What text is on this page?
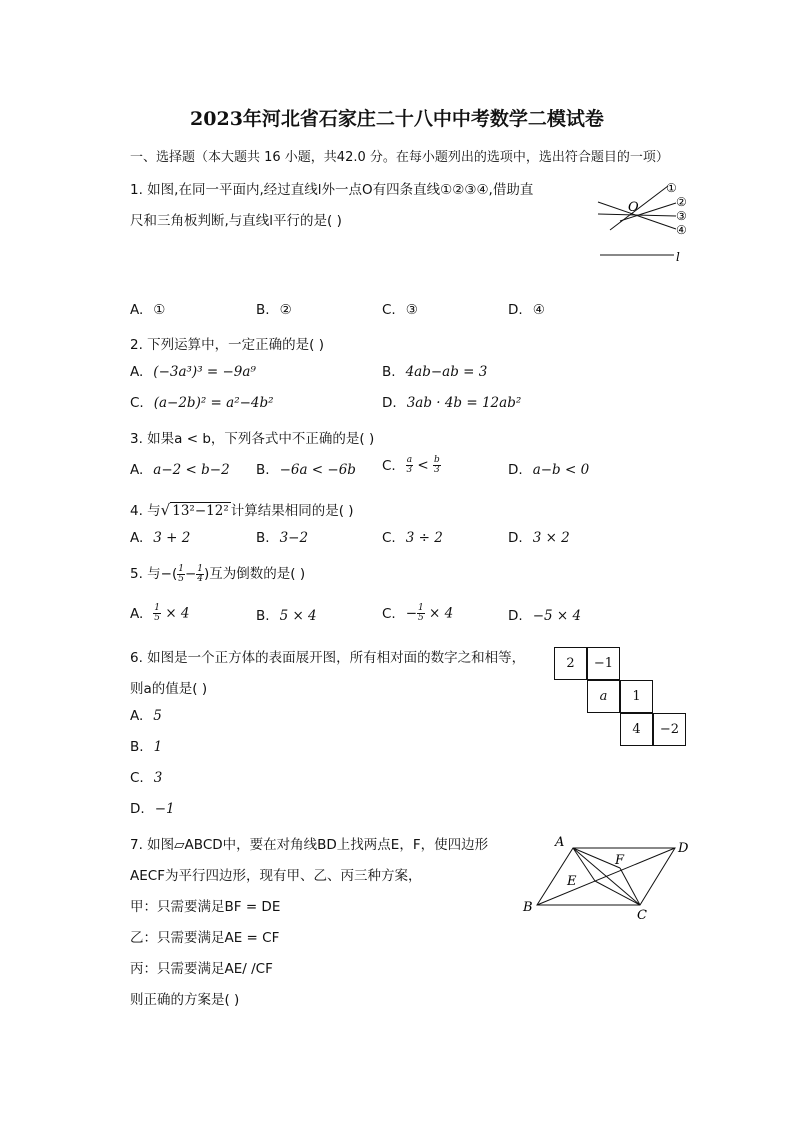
2023年河北省石家庄二十八中中考数学二模试卷
一、选择题（本大题共 16 小题，共42.0 分。在每小题列出的选项中，选出符合题目的一项）
1. 如图,在同一平面内,经过直线l外一点O有四条直线①②③④,借助直
尺和三角板判断,与直线l平行的是( )
O
l
①
②
③
④
A. ①	B. ②	C. ③	D. ④
2. 下列运算中，一定正确的是( )
A. (−3a³)³ = −9a⁹	B. 4ab−ab = 3
C. (a−2b)² = a²−4b²	D. 3ab · 4b = 12ab²
3. 如果a < b，下列各式中不正确的是( )
A. a−2 < b−2 B. −6a < −6b C. $\frac{a}{3} < \frac{b}{3}$	D. a−b < 0
4. 与√ 13²−12² 计算结果相同的是( )
A. 3 + 2	B. 3−2	C. 3 ÷ 2	D. 3 × 2
5. 与−( $\frac{1}{5} - \frac{1}{4}$ )互为倒数的是( )
A. $\frac{1}{5} \times 4$	B. 5 × 4	C. − $\frac{1}{5} \times 4$	D. −5 × 4
6. 如图是一个正方体的表面展开图，所有相对面的数字之和相等，
则a的值是( )
A. 5
B. 1
C. 3
D. −1
2	−1
a	1
4	−2
7. 如图▱ABCD中，要在对角线BD上找两点E，F，使四边形
AECF为平行四边形，现有甲、乙、丙三种方案，
甲：只需要满足BF = DE
乙：只需要满足AE = CF
丙：只需要满足AE/ /CF
则正确的方案是( )
A	D
B
C
E
F
